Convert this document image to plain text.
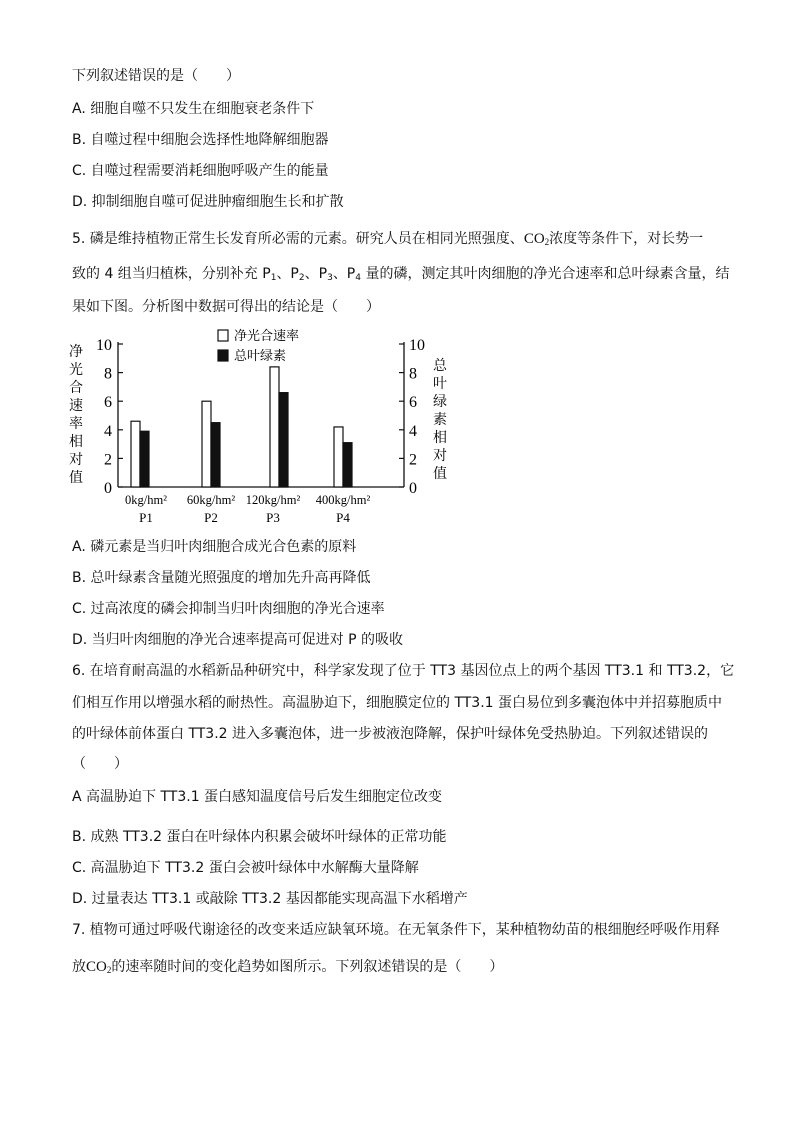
下列叙述错误的是（　　）
A. 细胞自噬不只发生在细胞衰老条件下
B. 自噬过程中细胞会选择性地降解细胞器
C. 自噬过程需要消耗细胞呼吸产生的能量
D. 抑制细胞自噬可促进肿瘤细胞生长和扩散
5. 磷是维持植物正常生长发育所必需的元素。研究人员在相同光照强度、$CO_2$浓度等条件下，对长势一
致的 4 组当归植株，分别补充 $P_1$、$P_2$、$P_3$、$P_4$ 量的磷，测定其叶肉细胞的净光合速率和总叶绿素含量，结
果如下图。分析图中数据可得出的结论是（　　）
净
光
合
速
率
相
对
值
总
叶
绿
素
相
对
值
10
8
6
4
2
0
10
8
6
4
2
0
0kg/hm²
P1
60kg/hm²
P2
120kg/hm²
P3
400kg/hm²
P4
净光合速率
总叶绿素
A. 磷元素是当归叶肉细胞合成光合色素的原料
B. 总叶绿素含量随光照强度的增加先升高再降低
C. 过高浓度的磷会抑制当归叶肉细胞的净光合速率
D. 当归叶肉细胞的净光合速率提高可促进对 P 的吸收
6. 在培育耐高温的水稻新品种研究中，科学家发现了位于 TT3 基因位点上的两个基因 TT3.1 和 TT3.2，它
们相互作用以增强水稻的耐热性。高温胁迫下，细胞膜定位的 TT3.1 蛋白易位到多囊泡体中并招募胞质中
的叶绿体前体蛋白 TT3.2 进入多囊泡体，进一步被液泡降解，保护叶绿体免受热胁迫。下列叙述错误的
（　　）
A 高温胁迫下 TT3.1 蛋白感知温度信号后发生细胞定位改变
B. 成熟 TT3.2 蛋白在叶绿体内积累会破坏叶绿体的正常功能
C. 高温胁迫下 TT3.2 蛋白会被叶绿体中水解酶大量降解
D. 过量表达 TT3.1 或敲除 TT3.2 基因都能实现高温下水稻增产
7. 植物可通过呼吸代谢途径的改变来适应缺氧环境。在无氧条件下，某种植物幼苗的根细胞经呼吸作用释
放$CO_2$的速率随时间的变化趋势如图所示。下列叙述错误的是（　　）
